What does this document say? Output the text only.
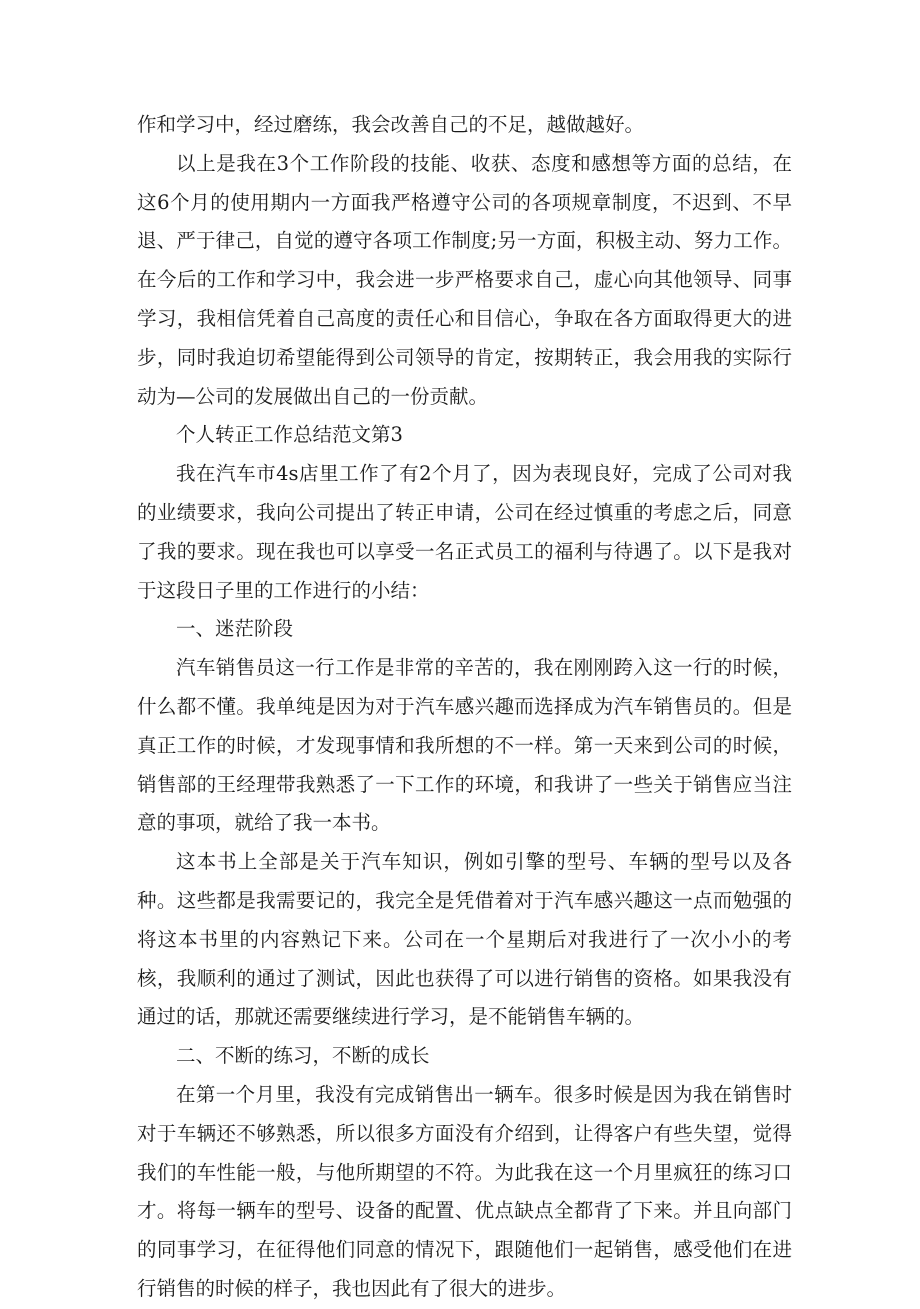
作和学习中，经过磨练，我会改善自己的不足，越做越好。

以上是我在3个工作阶段的技能、收获、态度和感想等方面的总结，在这6个月的使用期内一方面我严格遵守公司的各项规章制度，不迟到、不早退、严于律己，自觉的遵守各项工作制度;另一方面，积极主动、努力工作。在今后的工作和学习中，我会进一步严格要求自己，虚心向其他领导、同事学习，我相信凭着自己高度的责任心和目信心，争取在各方面取得更大的进步，同时我迫切希望能得到公司领导的肯定，按期转正，我会用我的实际行动为—公司的发展做出自己的一份贡献。

个人转正工作总结范文第3

我在汽车市4s店里工作了有2个月了，因为表现良好，完成了公司对我的业绩要求，我向公司提出了转正申请，公司在经过慎重的考虑之后，同意了我的要求。现在我也可以享受一名正式员工的福利与待遇了。以下是我对于这段日子里的工作进行的小结：

一、迷茫阶段

汽车销售员这一行工作是非常的辛苦的，我在刚刚跨入这一行的时候，什么都不懂。我单纯是因为对于汽车感兴趣而选择成为汽车销售员的。但是真正工作的时候，才发现事情和我所想的不一样。第一天来到公司的时候，销售部的王经理带我熟悉了一下工作的环境，和我讲了一些关于销售应当注意的事项，就给了我一本书。

这本书上全部是关于汽车知识，例如引擎的型号、车辆的型号以及各种。这些都是我需要记的，我完全是凭借着对于汽车感兴趣这一点而勉强的将这本书里的内容熟记下来。公司在一个星期后对我进行了一次小小的考核，我顺利的通过了测试，因此也获得了可以进行销售的资格。如果我没有通过的话，那就还需要继续进行学习，是不能销售车辆的。

二、不断的练习，不断的成长

在第一个月里，我没有完成销售出一辆车。很多时候是因为我在销售时对于车辆还不够熟悉，所以很多方面没有介绍到，让得客户有些失望，觉得我们的车性能一般，与他所期望的不符。为此我在这一个月里疯狂的练习口才。将每一辆车的型号、设备的配置、优点缺点全都背了下来。并且向部门的同事学习，在征得他们同意的情况下，跟随他们一起销售，感受他们在进行销售的时候的样子，我也因此有了很大的进步。
